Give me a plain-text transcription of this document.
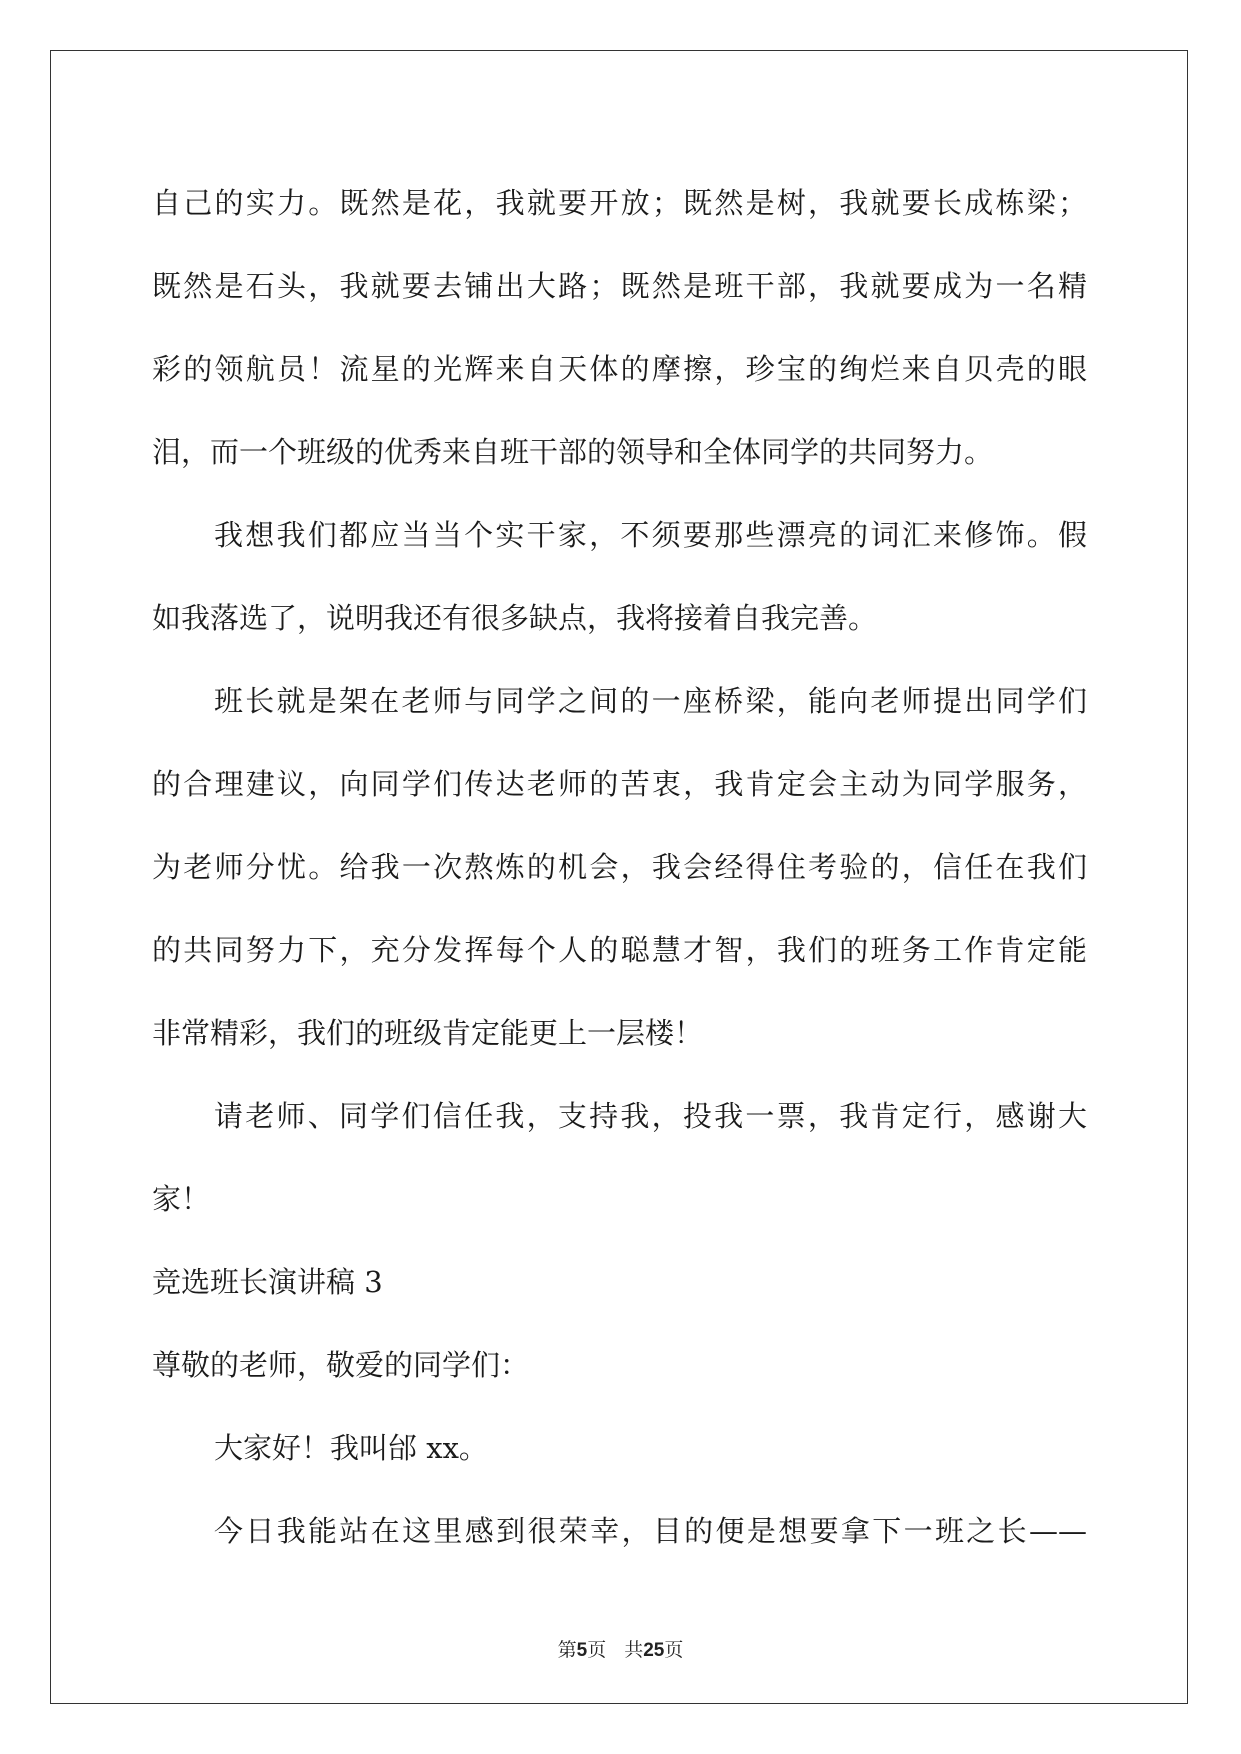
自己的实力。既然是花，我就要开放；既然是树，我就要长成栋梁；
既然是石头，我就要去铺出大路；既然是班干部，我就要成为一名精
彩的领航员！流星的光辉来自天体的摩擦，珍宝的绚烂来自贝壳的眼
泪，而一个班级的优秀来自班干部的领导和全体同学的共同努力。
我想我们都应当当个实干家，不须要那些漂亮的词汇来修饰。假
如我落选了，说明我还有很多缺点，我将接着自我完善。
班长就是架在老师与同学之间的一座桥梁，能向老师提出同学们
的合理建议，向同学们传达老师的苦衷，我肯定会主动为同学服务，
为老师分忧。给我一次熬炼的机会，我会经得住考验的，信任在我们
的共同努力下，充分发挥每个人的聪慧才智，我们的班务工作肯定能
非常精彩，我们的班级肯定能更上一层楼！
请老师、同学们信任我，支持我，投我一票，我肯定行，感谢大
家！
竞选班长演讲稿 3
尊敬的老师，敬爱的同学们：
大家好！我叫邰 xx。
今日我能站在这里感到很荣幸，目的便是想要拿下一班之长——
第5页 共25页
